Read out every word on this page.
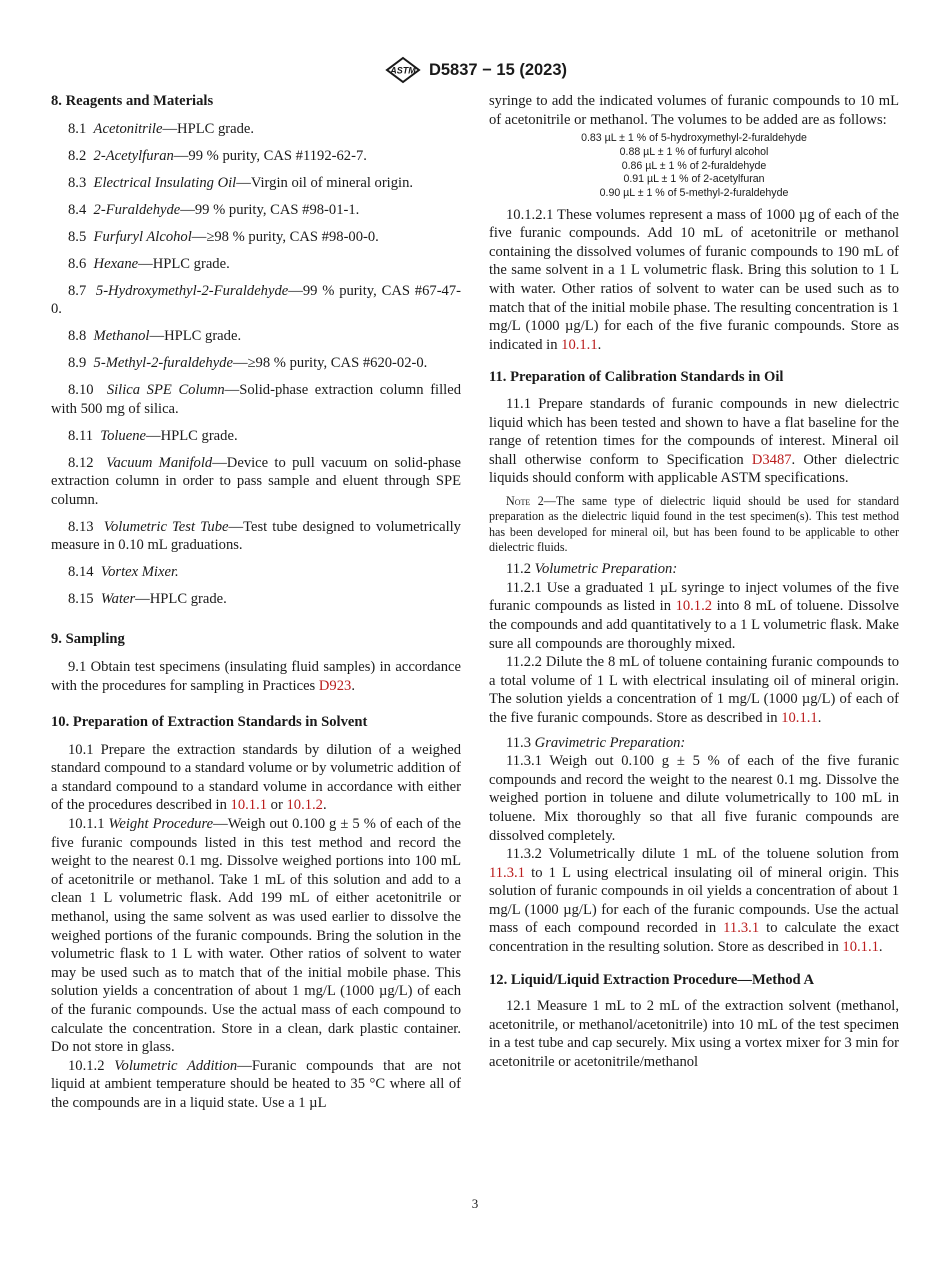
ASTM D5837 − 15 (2023)

8. Reagents and Materials

8.1 Acetonitrile—HPLC grade.

8.2 2-Acetylfuran—99 % purity, CAS #1192-62-7.

8.3 Electrical Insulating Oil—Virgin oil of mineral origin.

8.4 2-Furaldehyde—99 % purity, CAS #98-01-1.

8.5 Furfuryl Alcohol—≥98 % purity, CAS #98-00-0.

8.6 Hexane—HPLC grade.

8.7 5-Hydroxymethyl-2-Furaldehyde—99 % purity, CAS #67-47-0.

8.8 Methanol—HPLC grade.

8.9 5-Methyl-2-furaldehyde—≥98 % purity, CAS #620-02-0.

8.10 Silica SPE Column—Solid-phase extraction column filled with 500 mg of silica.

8.11 Toluene—HPLC grade.

8.12 Vacuum Manifold—Device to pull vacuum on solid-phase extraction column in order to pass sample and eluent through SPE column.

8.13 Volumetric Test Tube—Test tube designed to volumetrically measure in 0.10 mL graduations.

8.14 Vortex Mixer.

8.15 Water—HPLC grade.

9. Sampling

9.1 Obtain test specimens (insulating fluid samples) in accordance with the procedures for sampling in Practices D923.

10. Preparation of Extraction Standards in Solvent

10.1 Prepare the extraction standards by dilution of a weighed standard compound to a standard volume or by volumetric addition of a standard compound to a standard volume in accordance with either of the procedures described in 10.1.1 or 10.1.2.

10.1.1 Weight Procedure—Weigh out 0.100 g ± 5 % of each of the five furanic compounds listed in this test method and record the weight to the nearest 0.1 mg. Dissolve weighed portions into 100 mL of acetonitrile or methanol. Take 1 mL of this solution and add to a clean 1 L volumetric flask. Add 199 mL of either acetonitrile or methanol, using the same solvent as was used earlier to dissolve the weighed portions of the furanic compounds. Bring the solution in the volumetric flask to 1 L with water. Other ratios of solvent to water may be used such as to match that of the initial mobile phase. This solution yields a concentration of about 1 mg/L (1000 µg/L) of each of the furanic compounds. Use the actual mass of each compound to calculate the concentration. Store in a clean, dark plastic container. Do not store in glass.

10.1.2 Volumetric Addition—Furanic compounds that are not liquid at ambient temperature should be heated to 35 °C where all of the compounds are in a liquid state. Use a 1 µL

syringe to add the indicated volumes of furanic compounds to 10 mL of acetonitrile or methanol. The volumes to be added are as follows:

0.83 µL ± 1 % of 5-hydroxymethyl-2-furaldehyde
0.88 µL ± 1 % of furfuryl alcohol
0.86 µL ± 1 % of 2-furaldehyde
0.91 µL ± 1 % of 2-acetylfuran
0.90 µL ± 1 % of 5-methyl-2-furaldehyde

10.1.2.1 These volumes represent a mass of 1000 µg of each of the five furanic compounds. Add 10 mL of acetonitrile or methanol containing the dissolved volumes of furanic compounds to 190 mL of the same solvent in a 1 L volumetric flask. Bring this solution to 1 L with water. Other ratios of solvent to water can be used such as to match that of the initial mobile phase. The resulting concentration is 1 mg/L (1000 µg/L) for each of the five furanic compounds. Store as indicated in 10.1.1.

11. Preparation of Calibration Standards in Oil

11.1 Prepare standards of furanic compounds in new dielectric liquid which has been tested and shown to have a flat baseline for the range of retention times for the compounds of interest. Mineral oil shall otherwise conform to Specification D3487. Other dielectric liquids should conform with applicable ASTM specifications.

Note 2—The same type of dielectric liquid should be used for standard preparation as the dielectric liquid found in the test specimen(s). This test method has been developed for mineral oil, but has been found to be applicable to other dielectric fluids.

11.2 Volumetric Preparation:

11.2.1 Use a graduated 1 µL syringe to inject volumes of the five furanic compounds as listed in 10.1.2 into 8 mL of toluene. Dissolve the compounds and add quantitatively to a 1 L volumetric flask. Make sure all compounds are thoroughly mixed.

11.2.2 Dilute the 8 mL of toluene containing furanic compounds to a total volume of 1 L with electrical insulating oil of mineral origin. The solution yields a concentration of 1 mg/L (1000 µg/L) of each of the five furanic compounds. Store as described in 10.1.1.

11.3 Gravimetric Preparation:

11.3.1 Weigh out 0.100 g ± 5 % of each of the five furanic compounds and record the weight to the nearest 0.1 mg. Dissolve the weighed portion in toluene and dilute volumetrically to 100 mL in toluene. Mix thoroughly so that all five furanic compounds are dissolved completely.

11.3.2 Volumetrically dilute 1 mL of the toluene solution from 11.3.1 to 1 L using electrical insulating oil of mineral origin. This solution of furanic compounds in oil yields a concentration of about 1 mg/L (1000 µg/L) for each of the furanic compounds. Use the actual mass of each compound recorded in 11.3.1 to calculate the exact concentration in the resulting solution. Store as described in 10.1.1.

12. Liquid/Liquid Extraction Procedure—Method A

12.1 Measure 1 mL to 2 mL of the extraction solvent (methanol, acetonitrile, or methanol/acetonitrile) into 10 mL of the test specimen in a test tube and cap securely. Mix using a vortex mixer for 3 min for acetonitrile or acetonitrile/methanol

3
